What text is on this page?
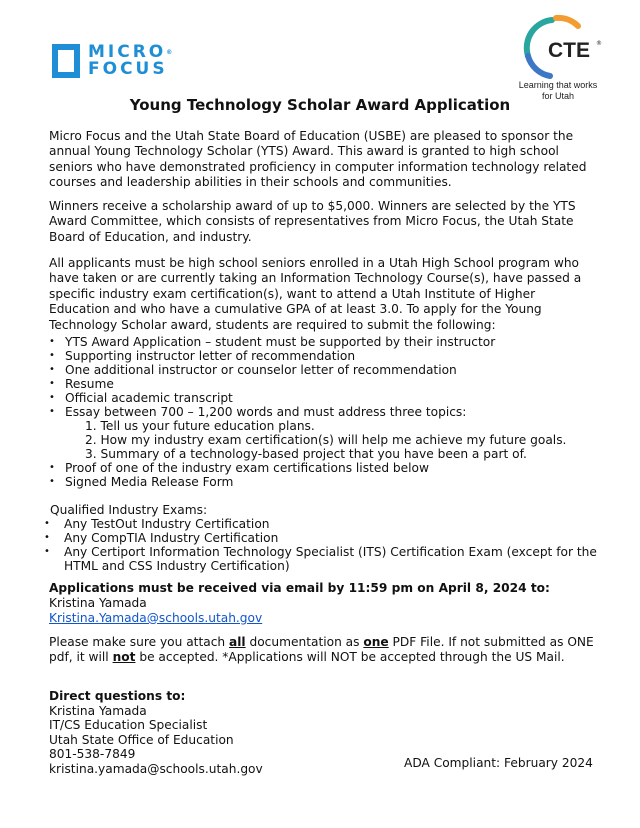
MICRO®
FOCUS
CTE ®
Learning that works
for Utah
Young Technology Scholar Award Application

Micro Focus and the Utah State Board of Education (USBE) are pleased to sponsor the annual Young Technology Scholar (YTS) Award. This award is granted to high school seniors who have demonstrated proficiency in computer information technology related courses and leadership abilities in their schools and communities.

Winners receive a scholarship award of up to $5,000. Winners are selected by the YTS Award Committee, which consists of representatives from Micro Focus, the Utah State Board of Education, and industry.

All applicants must be high school seniors enrolled in a Utah High School program who have taken or are currently taking an Information Technology Course(s), have passed a specific industry exam certification(s), want to attend a Utah Institute of Higher Education and who have a cumulative GPA of at least 3.0. To apply for the Young Technology Scholar award, students are required to submit the following:

• YTS Award Application – student must be supported by their instructor
• Supporting instructor letter of recommendation
• One additional instructor or counselor letter of recommendation
• Resume
• Official academic transcript
• Essay between 700 – 1,200 words and must address three topics:
1. Tell us your future education plans.
2. How my industry exam certification(s) will help me achieve my future goals.
3. Summary of a technology-based project that you have been a part of.
• Proof of one of the industry exam certifications listed below
• Signed Media Release Form

Qualified Industry Exams:

• Any TestOut Industry Certification
• Any CompTIA Industry Certification
• Any Certiport Information Technology Specialist (ITS) Certification Exam (except for the HTML and CSS Industry Certification)
Applications must be received via email by 11:59 pm on April 8, 2024 to:
Kristina Yamada
Kristina.Yamada@schools.utah.gov

Please make sure you attach all documentation as one PDF File. If not submitted as ONE pdf, it will not be accepted. *Applications will NOT be accepted through the US Mail.

Direct questions to:
Kristina Yamada
IT/CS Education Specialist
Utah State Office of Education
801-538-7849
kristina.yamada@schools.utah.gov	ADA Compliant: February 2024
